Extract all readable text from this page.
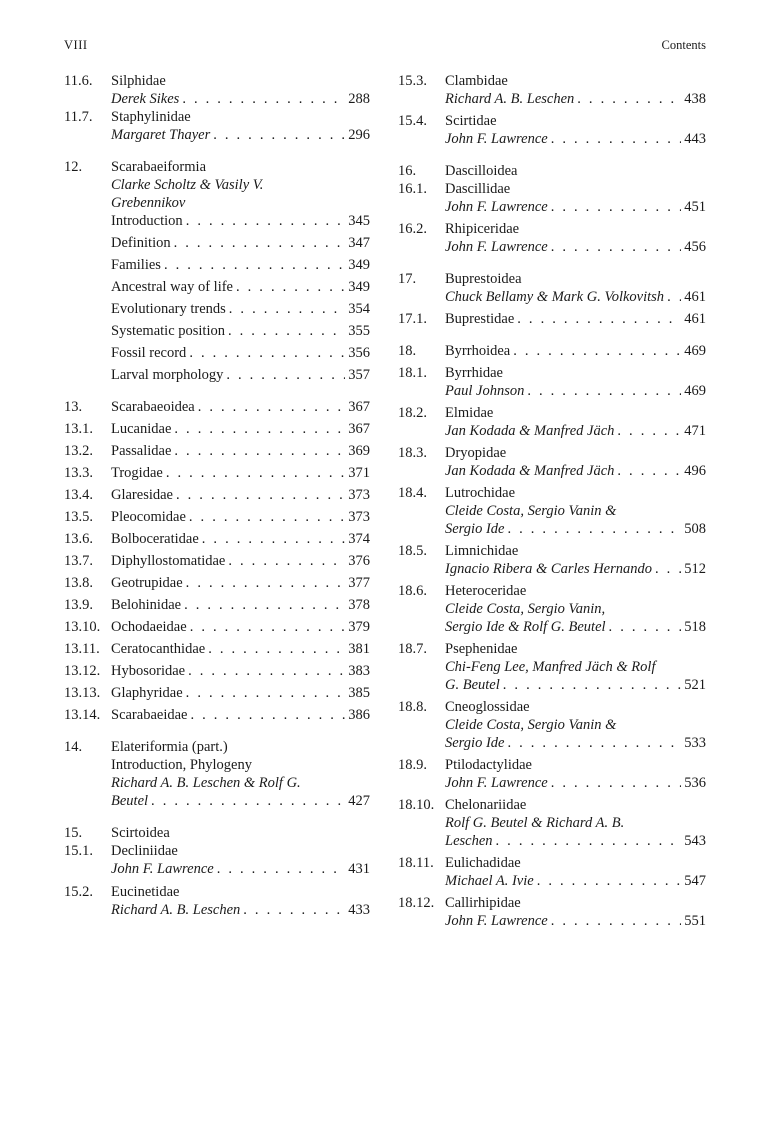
VIII	Contents
11.6. Silphidae
Derek Sikes . . .	288
11.7. Staphylinidae
Margaret Thayer . . .	296
12. Scarabaeiformia
Clarke Scholtz & Vasily V.
Grebennikov
Introduction . . .	345
Definition . . .	347
Families . . .	349
Ancestral way of life . . .	349
Evolutionary trends . . .	354
Systematic position . . .	355
Fossil record . . .	356
Larval morphology . . .	357
13. Scarabaeoidea . . .	367
13.1. Lucanidae . . .	367
13.2. Passalidae . . .	369
13.3. Trogidae . . .	371
13.4. Glaresidae . . .	373
13.5. Pleocomidae . . .	373
13.6. Bolboceratidae . . .	374
13.7. Diphyllostomatidae . . .	376
13.8. Geotrupidae . . .	377
13.9. Belohinidae . . .	378
13.10. Ochodaeidae . . .	379
13.11. Ceratocanthidae . . .	381
13.12. Hybosoridae . . .	383
13.13. Glaphyridae . . .	385
13.14. Scarabaeidae . . .	386
14. Elateriformia (part.)
Introduction, Phylogeny
Richard A. B. Leschen & Rolf G.
Beutel . . .	427
15. Scirtoidea
15.1. Decliniidae
John F. Lawrence . . .	431
15.2. Eucinetidae
Richard A. B. Leschen . . .	433
15.3. Clambidae
Richard A. B. Leschen . . .	438
15.4. Scirtidae
John F. Lawrence . . .	443
16. Dascilloidea
16.1. Dascillidae
John F. Lawrence . . .	451
16.2. Rhipiceridae
John F. Lawrence . . .	456
17. Buprestoidea
Chuck Bellamy & Mark G. Volkovitsh . . . 461
17.1. Buprestidae . . .	461
18. Byrrhoidea . . .	469
18.1. Byrrhidae
Paul Johnson . . .	469
18.2. Elmidae
Jan Kodada & Manfred Jäch . . .	471
18.3. Dryopidae
Jan Kodada & Manfred Jäch . . .	496
18.4. Lutrochidae
Cleide Costa, Sergio Vanin &
Sergio Ide . . .	508
18.5. Limnichidae
Ignacio Ribera & Carles Hernando . . . 512
18.6. Heteroceridae
Cleide Costa, Sergio Vanin,
Sergio Ide & Rolf G. Beutel . . .	518
18.7. Psephenidae
Chi-Feng Lee, Manfred Jäch & Rolf
G. Beutel . . .	521
18.8. Cneoglossidae
Cleide Costa, Sergio Vanin &
Sergio Ide . . .	533
18.9. Ptilodactylidae
John F. Lawrence . . .	536
18.10. Chelonariidae
Rolf G. Beutel & Richard A. B.
Leschen . . .	543
18.11. Eulichadidae
Michael A. Ivie . . .	547
18.12. Callirhipidae
John F. Lawrence . . .	551
